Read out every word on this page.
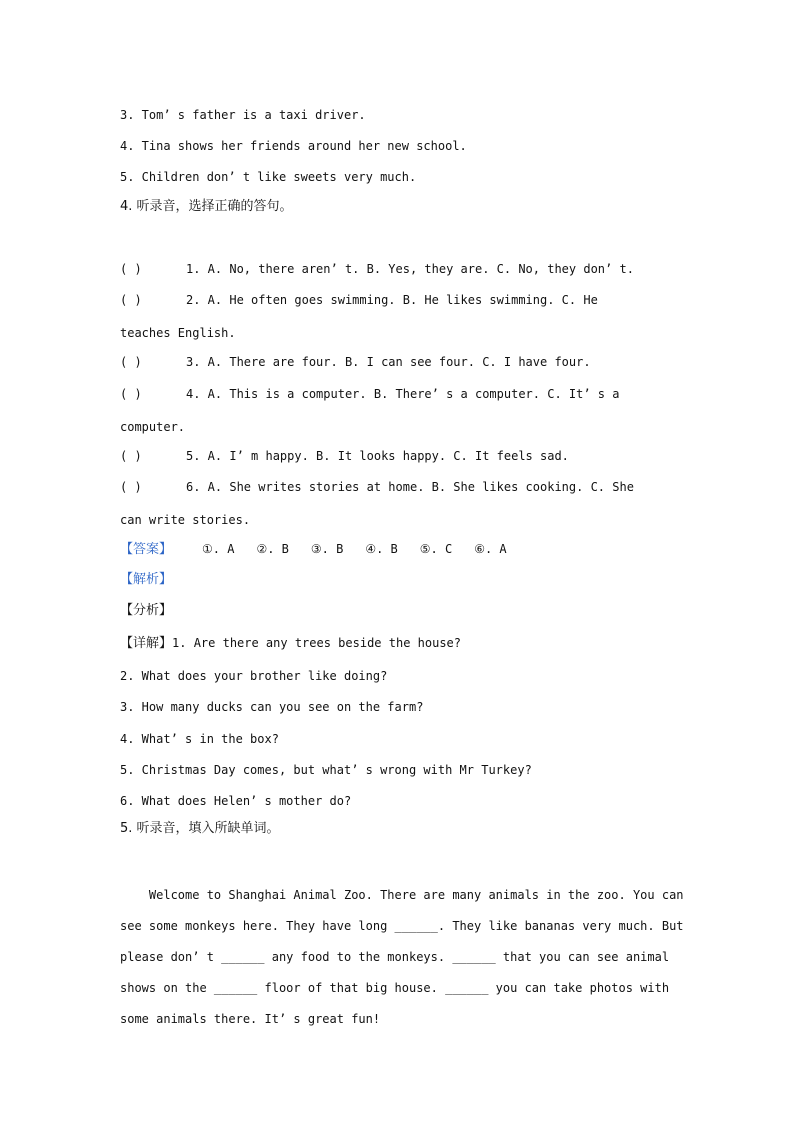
3. Tom’ s father is a taxi driver.

4. Tina shows her friends around her new school.

5. Children don’ t like sweets very much.

4. 听录音，选择正确的答句。

( )	1. A. No, there aren’ t. B. Yes, they are. C. No, they don’ t.

( )	2. A. He often goes swimming. B. He likes swimming. C. He

teaches English.

( )	3. A. There are four. B. I can see four. C. I have four.

( )	4. A. This is a computer. B. There’ s a computer. C. It’ s a

computer.

( )	5. A. I’ m happy. B. It looks happy. C. It feels sad.

( )	6. A. She writes stories at home. B. She likes cooking. C. She

can write stories.

【答案】	①. A ②. B ③. B ④. B ⑤. C ⑥. A

【解析】

【分析】

【详解】1. Are there any trees beside the house?

2. What does your brother like doing?

3. How many ducks can you see on the farm?

4. What’ s in the box?

5. Christmas Day comes, but what’ s wrong with Mr Turkey?

6. What does Helen’ s mother do?

5. 听录音，填入所缺单词。

Welcome to Shanghai Animal Zoo. There are many animals in the zoo. You can

see some monkeys here. They have long ______. They like bananas very much. But

please don’ t ______ any food to the monkeys. ______ that you can see animal

shows on the ______ floor of that big house. ______ you can take photos with

some animals there. It’ s great fun!
